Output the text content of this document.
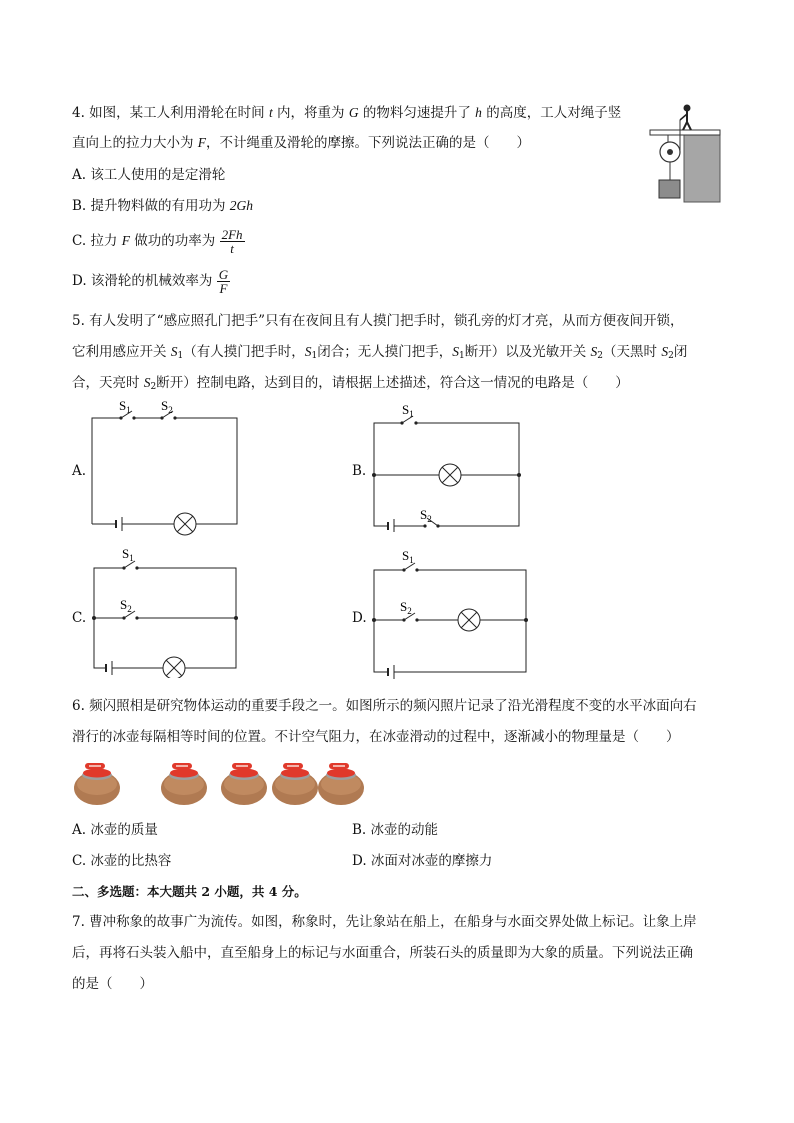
4. 如图，某工人利用滑轮在时间 t 内，将重为 G 的物料匀速提升了 h 的高度，工人对绳子竖
直向上的拉力大小为 F，不计绳重及滑轮的摩擦。下列说法正确的是（　　）
A. 该工人使用的是定滑轮
B. 提升物料做的有用功为 2Gh
C. 拉力 F 做功的功率为 $\frac{2Fh}{t}$
D. 该滑轮的机械效率为 $\frac{G}{F}$
5. 有人发明了“感应照孔门把手”只有在夜间且有人摸门把手时，锁孔旁的灯才亮，从而方便夜间开锁，
它利用感应开关 $S_1$（有人摸门把手时，$S_1$闭合；无人摸门把手，$S_1$断开）以及光敏开关 $S_2$（天黑时 $S_2$闭
合，天亮时 $S_2$断开）控制电路，达到目的，请根据上述描述，符合这一情况的电路是（　　）
A.
$S_1$ $S_2$
B.
$S_1$
$S_2$
C.
$S_1$
$S_2$
D.
$S_1$
$S_2$
6. 频闪照相是研究物体运动的重要手段之一。如图所示的频闪照片记录了沿光滑程度不变的水平冰面向右
滑行的冰壶每隔相等时间的位置。不计空气阻力，在冰壶滑动的过程中，逐渐减小的物理量是（　　）
A. 冰壶的质量	B. 冰壶的动能
C. 冰壶的比热容	D. 冰面对冰壶的摩擦力
二、多选题：本大题共 2 小题，共 4 分。
7. 曹冲称象的故事广为流传。如图，称象时，先让象站在船上，在船身与水面交界处做上标记。让象上岸
后，再将石头装入船中，直至船身上的标记与水面重合，所装石头的质量即为大象的质量。下列说法正确
的是（　　）
